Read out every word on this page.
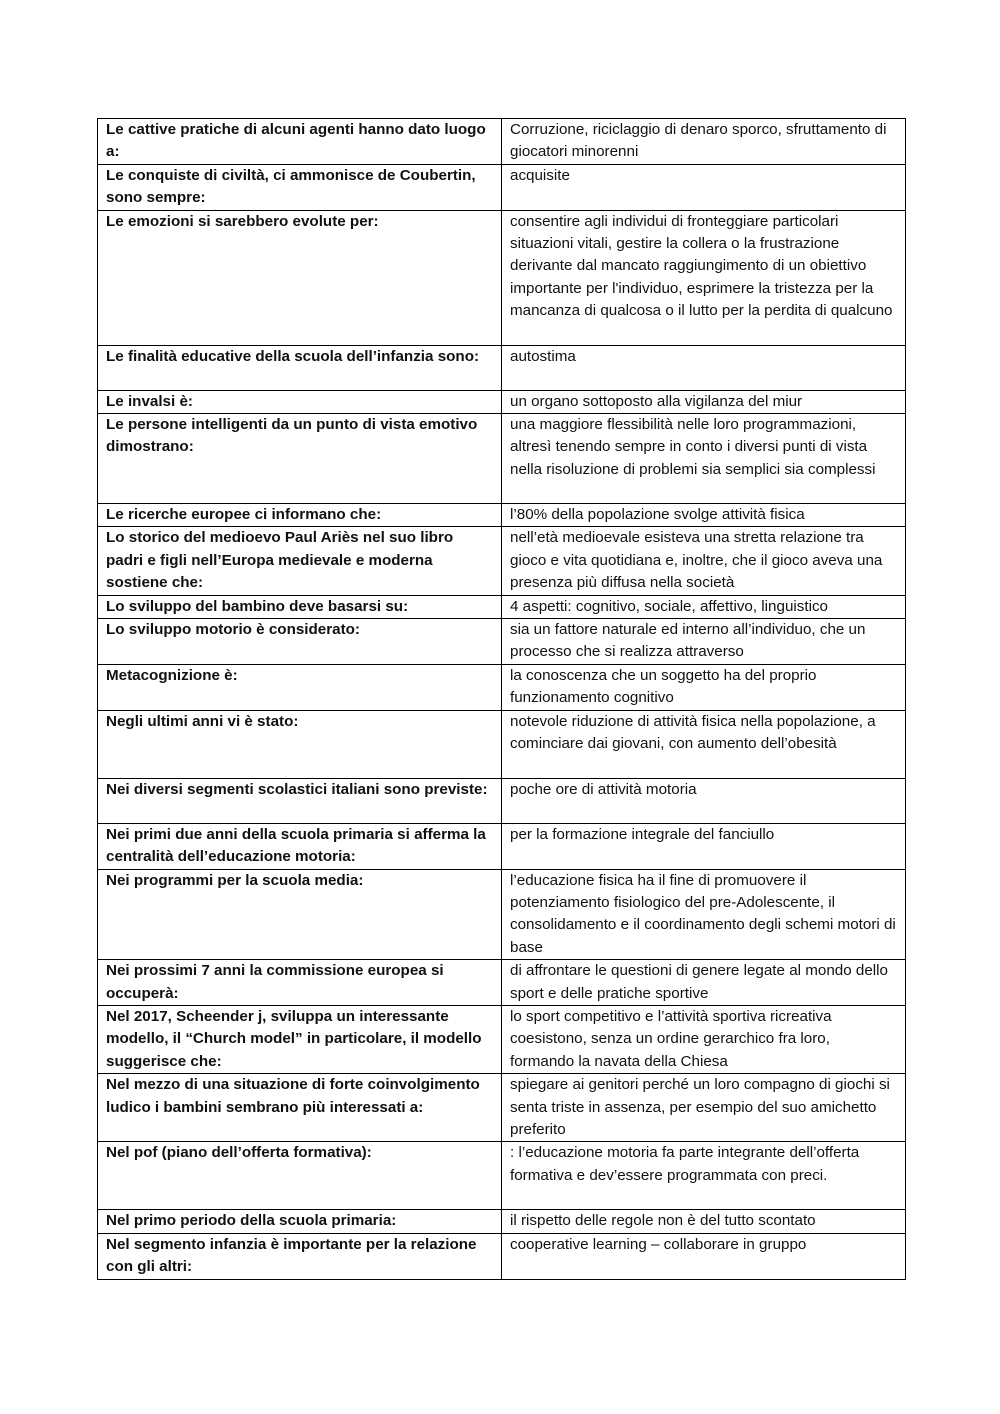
Le cattive pratiche di alcuni agenti hanno dato luogo a:	Corruzione, riciclaggio di denaro sporco, sfruttamento di giocatori minorenni
Le conquiste di civiltà, ci ammonisce de Coubertin, sono sempre:	acquisite
Le emozioni si sarebbero evolute per:	consentire agli individui di fronteggiare particolari situazioni vitali, gestire la collera o la frustrazione derivante dal mancato raggiungimento di un obiettivo importante per l'individuo, esprimere la tristezza per la mancanza di qualcosa o il lutto per la perdita di qualcuno
Le finalità educative della scuola dell’infanzia sono:	autostima
Le invalsi è:	un organo sottoposto alla vigilanza del miur
Le persone intelligenti da un punto di vista emotivo dimostrano:	una maggiore flessibilità nelle loro programmazioni, altresì tenendo sempre in conto i diversi punti di vista nella risoluzione di problemi sia semplici sia complessi
Le ricerche europee ci informano che:	l’80% della popolazione svolge attività fisica
Lo storico del medioevo Paul Ariès nel suo libro padri e figli nell’Europa medievale e moderna sostiene che:	nell’età medioevale esisteva una stretta relazione tra gioco e vita quotidiana e, inoltre, che il gioco aveva una presenza più diffusa nella società
Lo sviluppo del bambino deve basarsi su:	4 aspetti: cognitivo, sociale, affettivo, linguistico
Lo sviluppo motorio è considerato:	sia un fattore naturale ed interno all’individuo, che un processo che si realizza attraverso
Metacognizione è:	la conoscenza che un soggetto ha del proprio funzionamento cognitivo
Negli ultimi anni vi è stato:	notevole riduzione di attività fisica nella popolazione, a cominciare dai giovani, con aumento dell’obesità
Nei diversi segmenti scolastici italiani sono previste:	poche ore di attività motoria
Nei primi due anni della scuola primaria si afferma la centralità dell’educazione motoria:	per la formazione integrale del fanciullo
Nei programmi per la scuola media:	l’educazione fisica ha il fine di promuovere il potenziamento fisiologico del pre-Adolescente, il consolidamento e il coordinamento degli schemi motori di base
Nei prossimi 7 anni la commissione europea si occuperà:	di affrontare le questioni di genere legate al mondo dello sport e delle pratiche sportive
Nel 2017, Scheender j, sviluppa un interessante modello, il “Church model” in particolare, il modello suggerisce che:	lo sport competitivo e l’attività sportiva ricreativa coesistono, senza un ordine gerarchico fra loro, formando la navata della Chiesa
Nel mezzo di una situazione di forte coinvolgimento ludico i bambini sembrano più interessati a:	spiegare ai genitori perché un loro compagno di giochi si senta triste in assenza, per esempio del suo amichetto preferito
Nel pof (piano dell’offerta formativa):	: l’educazione motoria fa parte integrante dell’offerta formativa e dev’essere programmata con preci.
Nel primo periodo della scuola primaria:	il rispetto delle regole non è del tutto scontato
Nel segmento infanzia è importante per la relazione con gli altri:	cooperative learning – collaborare in gruppo
